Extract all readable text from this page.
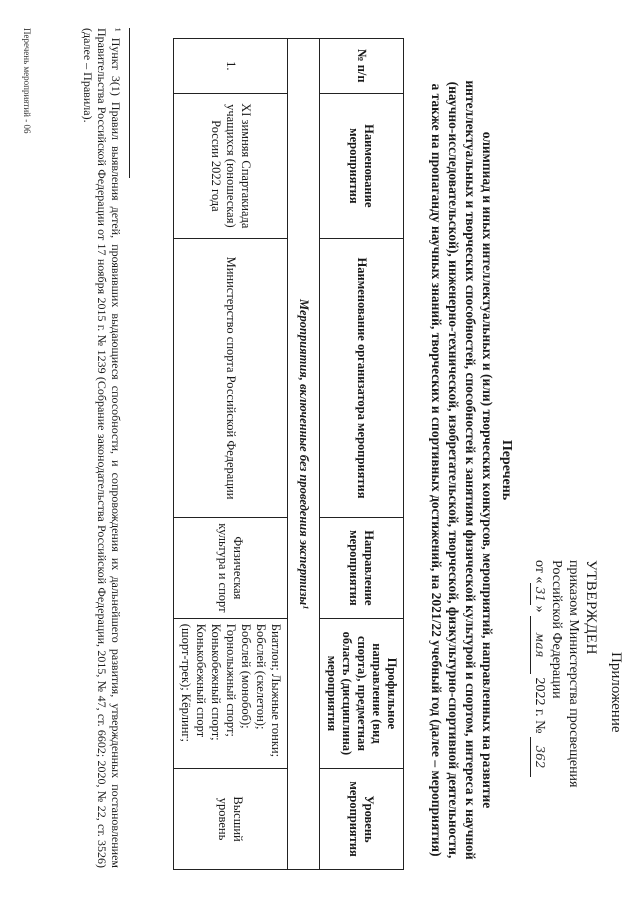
Приложение
УТВЕРЖДЕН
приказом Министерства просвещения
Российской Федерации
от «31» мая 2022 г. № 362
Перечень
олимпиад и иных интеллектуальных и (или) творческих конкурсов, мероприятий, направленных на развитие интеллектуальных и творческих способностей, способностей к занятиям физической культурой и спортом, интереса к научной (научно-исследовательской), инженерно-технической, изобретательской, творческой, физкультурно-спортивной деятельности, а также на пропаганду научных знаний, творческих и спортивных достижений, на 2021/22 учебный год (далее – мероприятия)
№ п/п	Наименование мероприятия	Наименование организатора мероприятия	Направление мероприятия	Профильное направление (вид спорта), предметная область (дисциплина) мероприятия	Уровень мероприятия
Мероприятия, включенные без проведения экспертизы¹					
1.	XI зимняя Спартакиада учащихся (юношеская) России 2022 года	Министерство спорта Российской Федерации	Физическая культура и спорт	Биатлон; Лыжные гонки; Бобслей (скелетон); Бобслей (монобоб); Горнолыжный спорт; Конькобежный спорт; Конькобежный спорт (шорт-трек); Кёрлинг;	Высший уровень
¹ Пункт 3(1) Правил выявления детей, проявивших выдающиеся способности, и сопровождения их дальнейшего развития, утвержденных постановлением Правительства Российской Федерации от 17 ноября 2015 г. № 1239 (Собрание законодательства Российской Федерации, 2015, № 47, ст. 6602; 2020, № 22, ст. 3526) (далее – Правила).
Перечень мероприятий - 06
